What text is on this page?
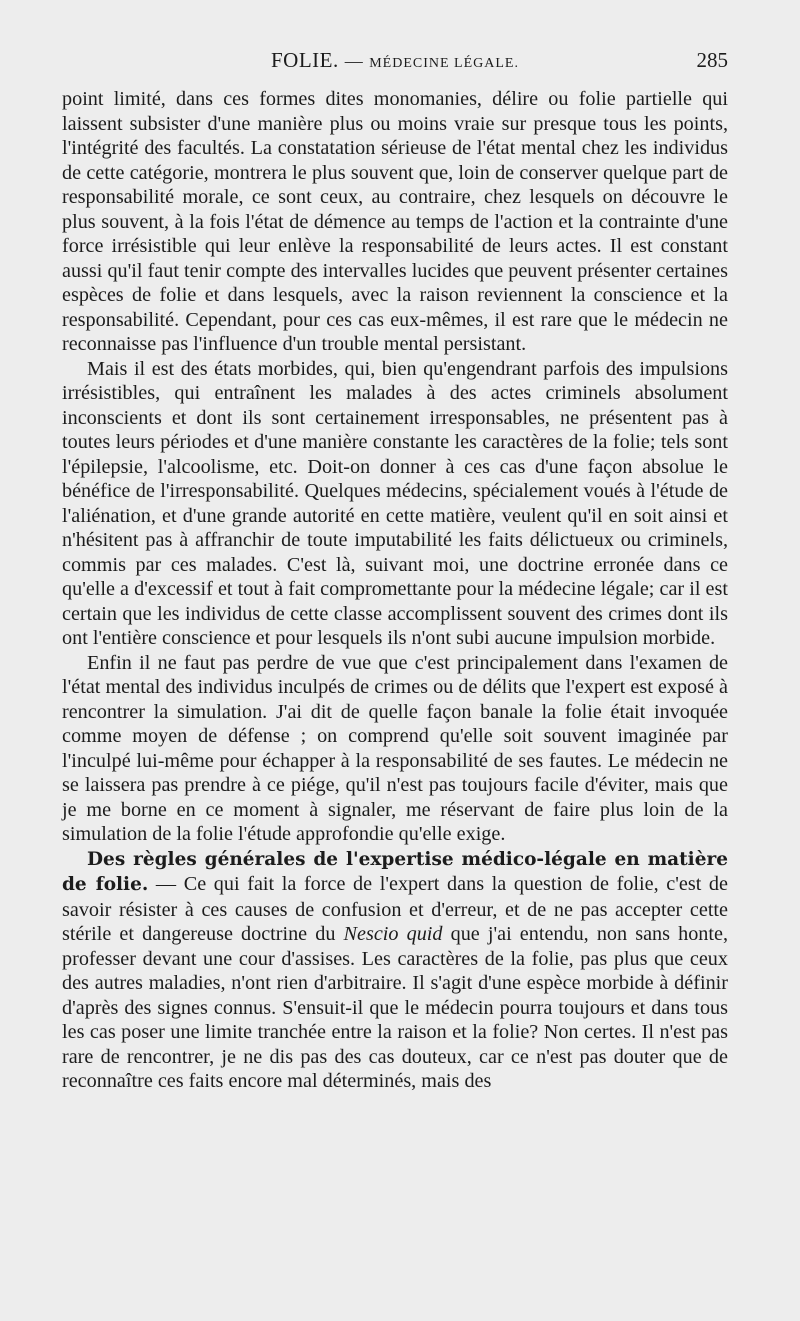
FOLIE. — MÉDECINE LÉGALE.	285

point limité, dans ces formes dites monomanies, délire ou folie partielle qui laissent subsister d'une manière plus ou moins vraie sur presque tous les points, l'intégrité des facultés. La constatation sérieuse de l'état mental chez les individus de cette catégorie, montrera le plus souvent que, loin de conserver quelque part de responsabilité morale, ce sont ceux, au contraire, chez lesquels on découvre le plus souvent, à la fois l'état de démence au temps de l'action et la contrainte d'une force irrésistible qui leur enlève la responsabilité de leurs actes. Il est constant aussi qu'il faut tenir compte des intervalles lucides que peuvent présenter certaines espèces de folie et dans lesquels, avec la raison reviennent la conscience et la responsabilité. Cependant, pour ces cas eux-mêmes, il est rare que le médecin ne reconnaisse pas l'influence d'un trouble mental persistant.

Mais il est des états morbides, qui, bien qu'engendrant parfois des impulsions irrésistibles, qui entraînent les malades à des actes criminels absolument inconscients et dont ils sont certainement irresponsables, ne présentent pas à toutes leurs périodes et d'une manière constante les caractères de la folie; tels sont l'épilepsie, l'alcoolisme, etc. Doit-on donner à ces cas d'une façon absolue le bénéfice de l'irresponsabilité. Quelques médecins, spécialement voués à l'étude de l'aliénation, et d'une grande autorité en cette matière, veulent qu'il en soit ainsi et n'hésitent pas à affranchir de toute imputabilité les faits délictueux ou criminels, commis par ces malades. C'est là, suivant moi, une doctrine erronée dans ce qu'elle a d'excessif et tout à fait compromettante pour la médecine légale; car il est certain que les individus de cette classe accomplissent souvent des crimes dont ils ont l'entière conscience et pour lesquels ils n'ont subi aucune impulsion morbide.

Enfin il ne faut pas perdre de vue que c'est principalement dans l'examen de l'état mental des individus inculpés de crimes ou de délits que l'expert est exposé à rencontrer la simulation. J'ai dit de quelle façon banale la folie était invoquée comme moyen de défense ; on comprend qu'elle soit souvent imaginée par l'inculpé lui-même pour échapper à la responsabilité de ses fautes. Le médecin ne se laissera pas prendre à ce piége, qu'il n'est pas toujours facile d'éviter, mais que je me borne en ce moment à signaler, me réservant de faire plus loin de la simulation de la folie l'étude approfondie qu'elle exige.

Des règles générales de l'expertise médico-légale en matière de folie. — Ce qui fait la force de l'expert dans la question de folie, c'est de savoir résister à ces causes de confusion et d'erreur, et de ne pas accepter cette stérile et dangereuse doctrine du Nescio quid que j'ai entendu, non sans honte, professer devant une cour d'assises. Les caractères de la folie, pas plus que ceux des autres maladies, n'ont rien d'arbitraire. Il s'agit d'une espèce morbide à définir d'après des signes connus. S'ensuit-il que le médecin pourra toujours et dans tous les cas poser une limite tranchée entre la raison et la folie? Non certes. Il n'est pas rare de rencontrer, je ne dis pas des cas douteux, car ce n'est pas douter que de reconnaître ces faits encore mal déterminés, mais des
